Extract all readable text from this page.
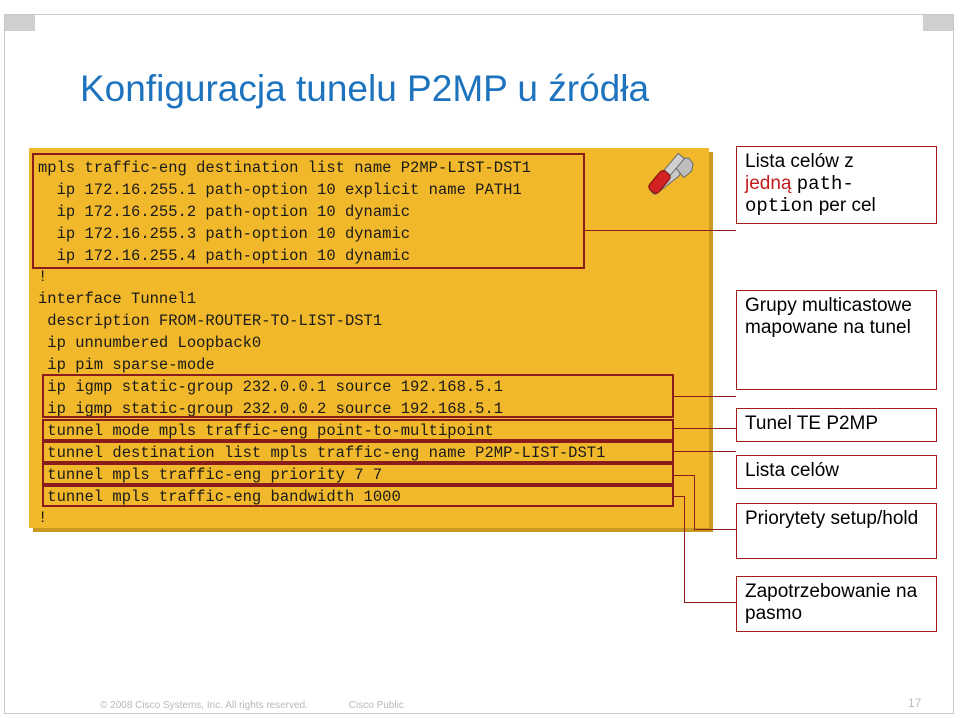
Konfiguracja tunelu P2MP u źródła
mpls traffic-eng destination list name P2MP-LIST-DST1
ip 172.16.255.1 path-option 10 explicit name PATH1
ip 172.16.255.2 path-option 10 dynamic
ip 172.16.255.3 path-option 10 dynamic
ip 172.16.255.4 path-option 10 dynamic
!
interface Tunnel1
description FROM-ROUTER-TO-LIST-DST1
ip unnumbered Loopback0
ip pim sparse-mode
ip igmp static-group 232.0.0.1 source 192.168.5.1
ip igmp static-group 232.0.0.2 source 192.168.5.1
tunnel mode mpls traffic-eng point-to-multipoint
tunnel destination list mpls traffic-eng name P2MP-LIST-DST1
tunnel mpls traffic-eng priority 7 7
tunnel mpls traffic-eng bandwidth 1000
!
Lista celów z
jedną path-
option per cel
Grupy multicastowe mapowane na tunel
Tunel TE P2MP
Lista celów
Priorytety setup/hold
Zapotrzebowanie na pasmo
© 2008 Cisco Systems, Inc. All rights reserved.	Cisco Public	17
